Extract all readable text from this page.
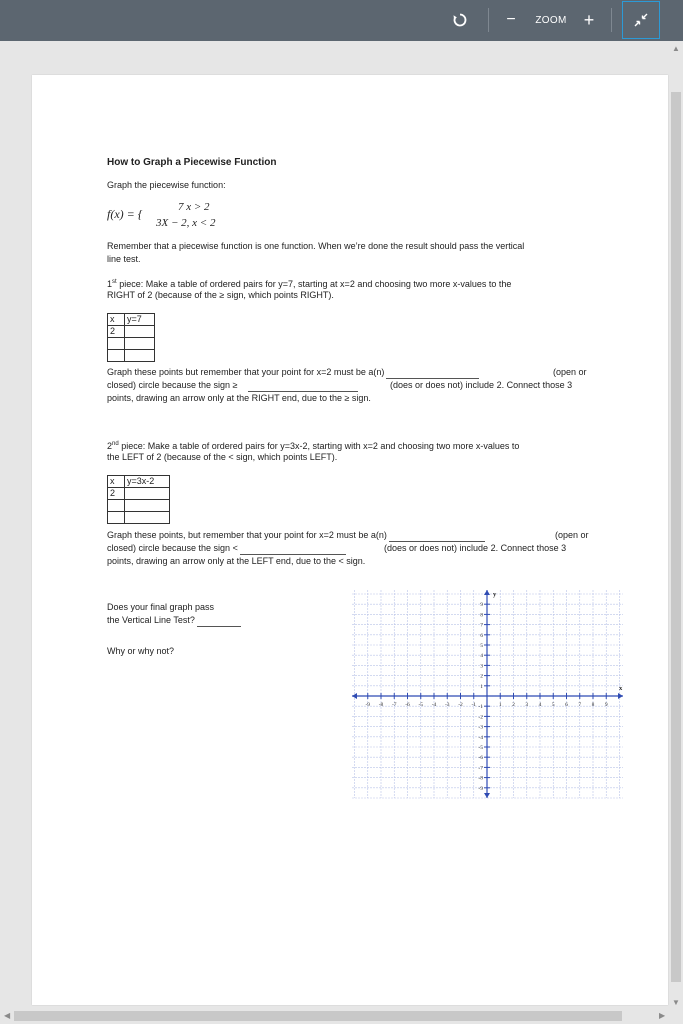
−	ZOOM +
How to Graph a Piecewise Function
Graph the piecewise function:
f(x) = {	7 x > 2
3X − 2, x < 2
Remember that a piecewise function is one function. When we’re done the result should pass the vertical
line test.
1st piece: Make a table of ordered pairs for y=7, starting at x=2 and choosing two more x-values to the
RIGHT of 2 (because of the ≥ sign, which points RIGHT).
x	y=7
2	

Graph these points but remember that your point for x=2 must be a(n)	(open or
closed) circle because the sign ≥	(does or does not) include 2. Connect those 3
points, drawing an arrow only at the RIGHT end, due to the ≥ sign.
2nd piece: Make a table of ordered pairs for y=3x-2, starting with x=2 and choosing two more x-values to
the LEFT of 2 (because of the < sign, which points LEFT).
x	y=3x-2
2	

Graph these points, but remember that your point for x=2 must be a(n)	(open or
closed) circle because the sign <	(does or does not) include 2. Connect those 3
points, drawing an arrow only at the LEFT end, due to the < sign.
Does your final graph pass
the Vertical Line Test?
Why or why not?
-9 -8 -7 -6 -5 -4 -3 -2 -1	1 2 3 4 5 6 7 8 9
9
8
7
6
5
4
3
2
1
-1
-2
-3
-4
-5
-6
-7
-8
-9
x
y
▲
▼
◀	▶
